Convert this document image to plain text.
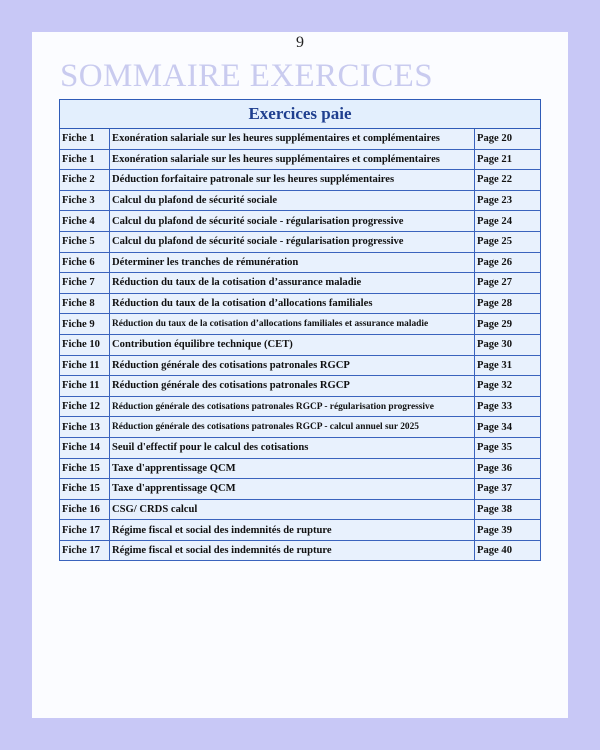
9
SOMMAIRE EXERCICES
Exercices paie		
Fiche 1	Exonération salariale sur les heures supplémentaires et complémentaires	Page 20
Fiche 1	Exonération salariale sur les heures supplémentaires et complémentaires	Page 21
Fiche 2	Déduction forfaitaire patronale sur les heures supplémentaires	Page 22
Fiche 3	Calcul du plafond de sécurité sociale	Page 23
Fiche 4	Calcul du plafond de sécurité sociale - régularisation progressive	Page 24
Fiche 5	Calcul du plafond de sécurité sociale - régularisation progressive	Page 25
Fiche 6	Déterminer les tranches de rémunération	Page 26
Fiche 7	Réduction du taux de la cotisation d’assurance maladie	Page 27
Fiche 8	Réduction du taux de la cotisation d’allocations familiales	Page 28
Fiche 9	Réduction du taux de la cotisation d’allocations familiales et assurance maladie	Page 29
Fiche 10	Contribution équilibre technique (CET)	Page 30
Fiche 11	Réduction générale des cotisations patronales RGCP	Page 31
Fiche 11	Réduction générale des cotisations patronales RGCP	Page 32
Fiche 12	Réduction générale des cotisations patronales RGCP - régularisation progressive	Page 33
Fiche 13	Réduction générale des cotisations patronales RGCP - calcul annuel sur 2025	Page 34
Fiche 14	Seuil d'effectif pour le calcul des cotisations	Page 35
Fiche 15	Taxe d'apprentissage QCM	Page 36
Fiche 15	Taxe d'apprentissage QCM	Page 37
Fiche 16	CSG/ CRDS calcul	Page 38
Fiche 17	Régime fiscal et social des indemnités de rupture	Page 39
Fiche 17	Régime fiscal et social des indemnités de rupture	Page 40
